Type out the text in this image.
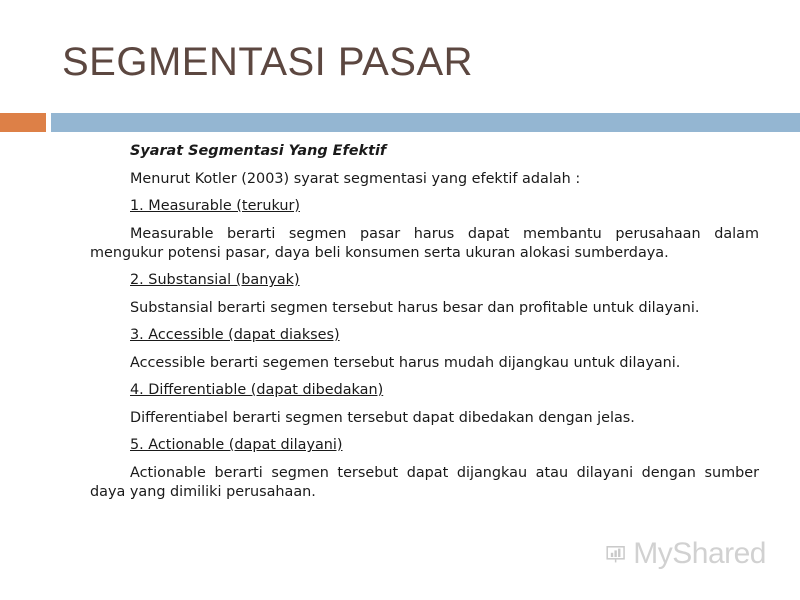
SEGMENTASI PASAR

Syarat Segmentasi Yang Efektif

Menurut Kotler (2003) syarat segmentasi yang efektif adalah :

1. Measurable (terukur)

Measurable berarti segmen pasar harus dapat membantu perusahaan dalam mengukur potensi pasar, daya beli konsumen serta ukuran alokasi sumberdaya.

2. Substansial (banyak)

Substansial berarti segmen tersebut harus besar dan profitable untuk dilayani.

3. Accessible (dapat diakses)

Accessible berarti segemen tersebut harus mudah dijangkau untuk dilayani.

4. Differentiable (dapat dibedakan)

Differentiabel berarti segmen tersebut dapat dibedakan dengan jelas.

5. Actionable (dapat dilayani)

Actionable berarti segmen tersebut dapat dijangkau atau dilayani dengan sumber daya yang dimiliki perusahaan.

MyShared
